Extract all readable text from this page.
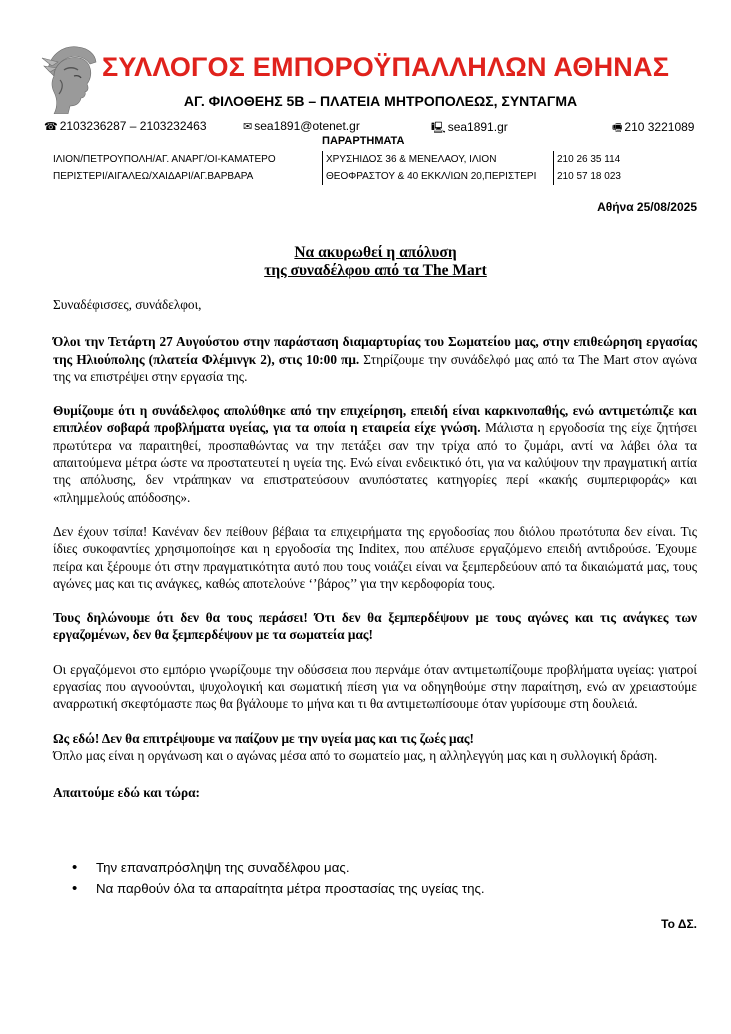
ΣΥΛΛΟΓΟΣ ΕΜΠΟΡΟΫΠΑΛΛΗΛΩΝ ΑΘΗΝΑΣ
ΑΓ. ΦΙΛΟΘΕΗΣ 5Β – ΠΛΑΤΕΙΑ ΜΗΤΡΟΠΟΛΕΩΣ, ΣΥΝΤΑΓΜΑ
☎ 2103236287 – 2103232463	✉ sea1891@otenet.gr	🖳 sea1891.gr	🖷 210 3221089
ΠΑΡΑΡΤΗΜΑΤΑ
ΙΛΙΟΝ/ΠΕΤΡΟΥΠΟΛΗ/ΑΓ. ΑΝΑΡΓ/ΟΙ-ΚΑΜΑΤΕΡΟ	ΧΡΥΣΗΙΔΟΣ 36 & ΜΕΝΕΛΑΟΥ, ΙΛΙΟΝ	210 26 35 114
ΠΕΡΙΣΤΕΡΙ/ΑΙΓΑΛΕΩ/ΧΑΙΔΑΡΙ/ΑΓ.ΒΑΡΒΑΡΑ	ΘΕΟΦΡΑΣΤΟΥ & 40 ΕΚΚΛ/ΙΩΝ 20,ΠΕΡΙΣΤΕΡΙ	210 57 18 023
Αθήνα 25/08/2025
Να ακυρωθεί η απόλυση
της συναδέλφου από τα The Mart

Συναδέφισσες, συνάδελφοι,

Όλοι την Τετάρτη 27 Αυγούστου στην παράσταση διαμαρτυρίας του Σωματείου μας, στην επιθεώρηση εργασίας της Ηλιούπολης (πλατεία Φλέμινγκ 2), στις 10:00 πμ. Στηρίζουμε την συνάδελφό μας από τα The Mart στον αγώνα της να επιστρέψει στην εργασία της.

Θυμίζουμε ότι η συνάδελφος απολύθηκε από την επιχείρηση, επειδή είναι καρκινοπαθής, ενώ αντιμετώπιζε και επιπλέον σοβαρά προβλήματα υγείας, για τα οποία η εταιρεία είχε γνώση. Μάλιστα η εργοδοσία της είχε ζητήσει πρωτύτερα να παραιτηθεί, προσπαθώντας να την πετάξει σαν την τρίχα από το ζυμάρι, αντί να λάβει όλα τα απαιτούμενα μέτρα ώστε να προστατευτεί η υγεία της. Ενώ είναι ενδεικτικό ότι, για να καλύψουν την πραγματική αιτία της απόλυσης, δεν ντράπηκαν να επιστρατεύσουν ανυπόστατες κατηγορίες περί «κακής συμπεριφοράς» και «πλημμελούς απόδοσης».

Δεν έχουν τσίπα! Κανέναν δεν πείθουν βέβαια τα επιχειρήματα της εργοδοσίας που διόλου πρωτότυπα δεν είναι. Τις ίδιες συκοφαντίες χρησιμοποίησε και η εργοδοσία της Inditex, που απέλυσε εργαζόμενο επειδή αντιδρούσε. Έχουμε πείρα και ξέρουμε ότι στην πραγματικότητα αυτό που τους νοιάζει είναι να ξεμπερδεύουν από τα δικαιώματά μας, τους αγώνες μας και τις ανάγκες, καθώς αποτελούνε ‘’βάρος’’ για την κερδοφορία τους.

Τους δηλώνουμε ότι δεν θα τους περάσει! Ότι δεν θα ξεμπερδέψουν με τους αγώνες και τις ανάγκες των εργαζομένων, δεν θα ξεμπερδέψουν με τα σωματεία μας!

Οι εργαζόμενοι στο εμπόριο γνωρίζουμε την οδύσσεια που περνάμε όταν αντιμετωπίζουμε προβλήματα υγείας: γιατροί εργασίας που αγνοούνται, ψυχολογική και σωματική πίεση για να οδηγηθούμε στην παραίτηση, ενώ αν χρειαστούμε αναρρωτική σκεφτόμαστε πως θα βγάλουμε το μήνα και τι θα αντιμετωπίσουμε όταν γυρίσουμε στη δουλειά.

Ως εδώ! Δεν θα επιτρέψουμε να παίζουν με την υγεία μας και τις ζωές μας!
Όπλο μας είναι η οργάνωση και ο αγώνας μέσα από το σωματείο μας, η αλληλεγγύη μας και η συλλογική δράση.

Απαιτούμε εδώ και τώρα:

• Την επαναπρόσληψη της συναδέλφου μας.
• Να παρθούν όλα τα απαραίτητα μέτρα προστασίας της υγείας της.
Το ΔΣ.
